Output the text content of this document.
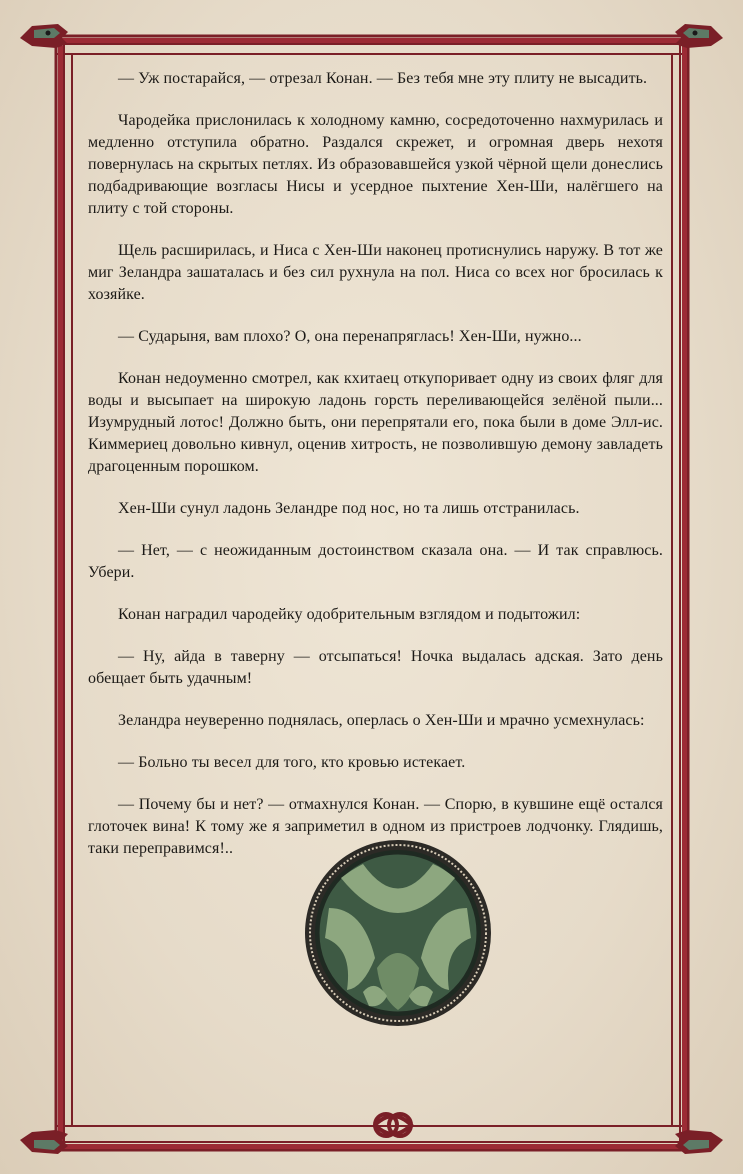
— Уж постарайся, — отрезал Конан. — Без тебя мне эту плиту не высадить.

Чародейка прислонилась к холодному камню, сосредоточенно нахмурилась и медленно отступила обратно. Раздался скрежет, и огромная дверь нехотя повернулась на скрытых петлях. Из образовавшейся узкой чёрной щели донеслись подбадривающие возгласы Нисы и усердное пыхтение Хен-Ши, налёгшего на плиту с той стороны.

Щель расширилась, и Ниса с Хен-Ши наконец протиснулись наружу. В тот же миг Зеландра зашаталась и без сил рухнула на пол. Ниса со всех ног бросилась к хозяйке.

— Сударыня, вам плохо? О, она перенапряглась! Хен-Ши, нужно...

Конан недоуменно смотрел, как кхитаец откупоривает одну из своих фляг для воды и высыпает на широкую ладонь горсть переливающейся зелёной пыли... Изумрудный лотос! Должно быть, они перепрятали его, пока были в доме Элл-ис. Киммериец довольно кивнул, оценив хитрость, не позволившую демону завладеть драгоценным порошком.

Хен-Ши сунул ладонь Зеландре под нос, но та лишь отстранилась.

— Нет, — с неожиданным достоинством сказала она. — И так справлюсь. Убери.

Конан наградил чародейку одобрительным взглядом и подытожил:

— Ну, айда в таверну — отсыпаться! Ночка выдалась адская. Зато день обещает быть удачным!

Зеландра неуверенно поднялась, оперлась о Хен-Ши и мрачно усмехнулась:

— Больно ты весел для того, кто кровью истекает.

— Почему бы и нет? — отмахнулся Конан. — Спорю, в кувшине ещё остался глоточек вина! К тому же я заприметил в одном из пристроев лодчонку. Глядишь, таки переправимся!..
